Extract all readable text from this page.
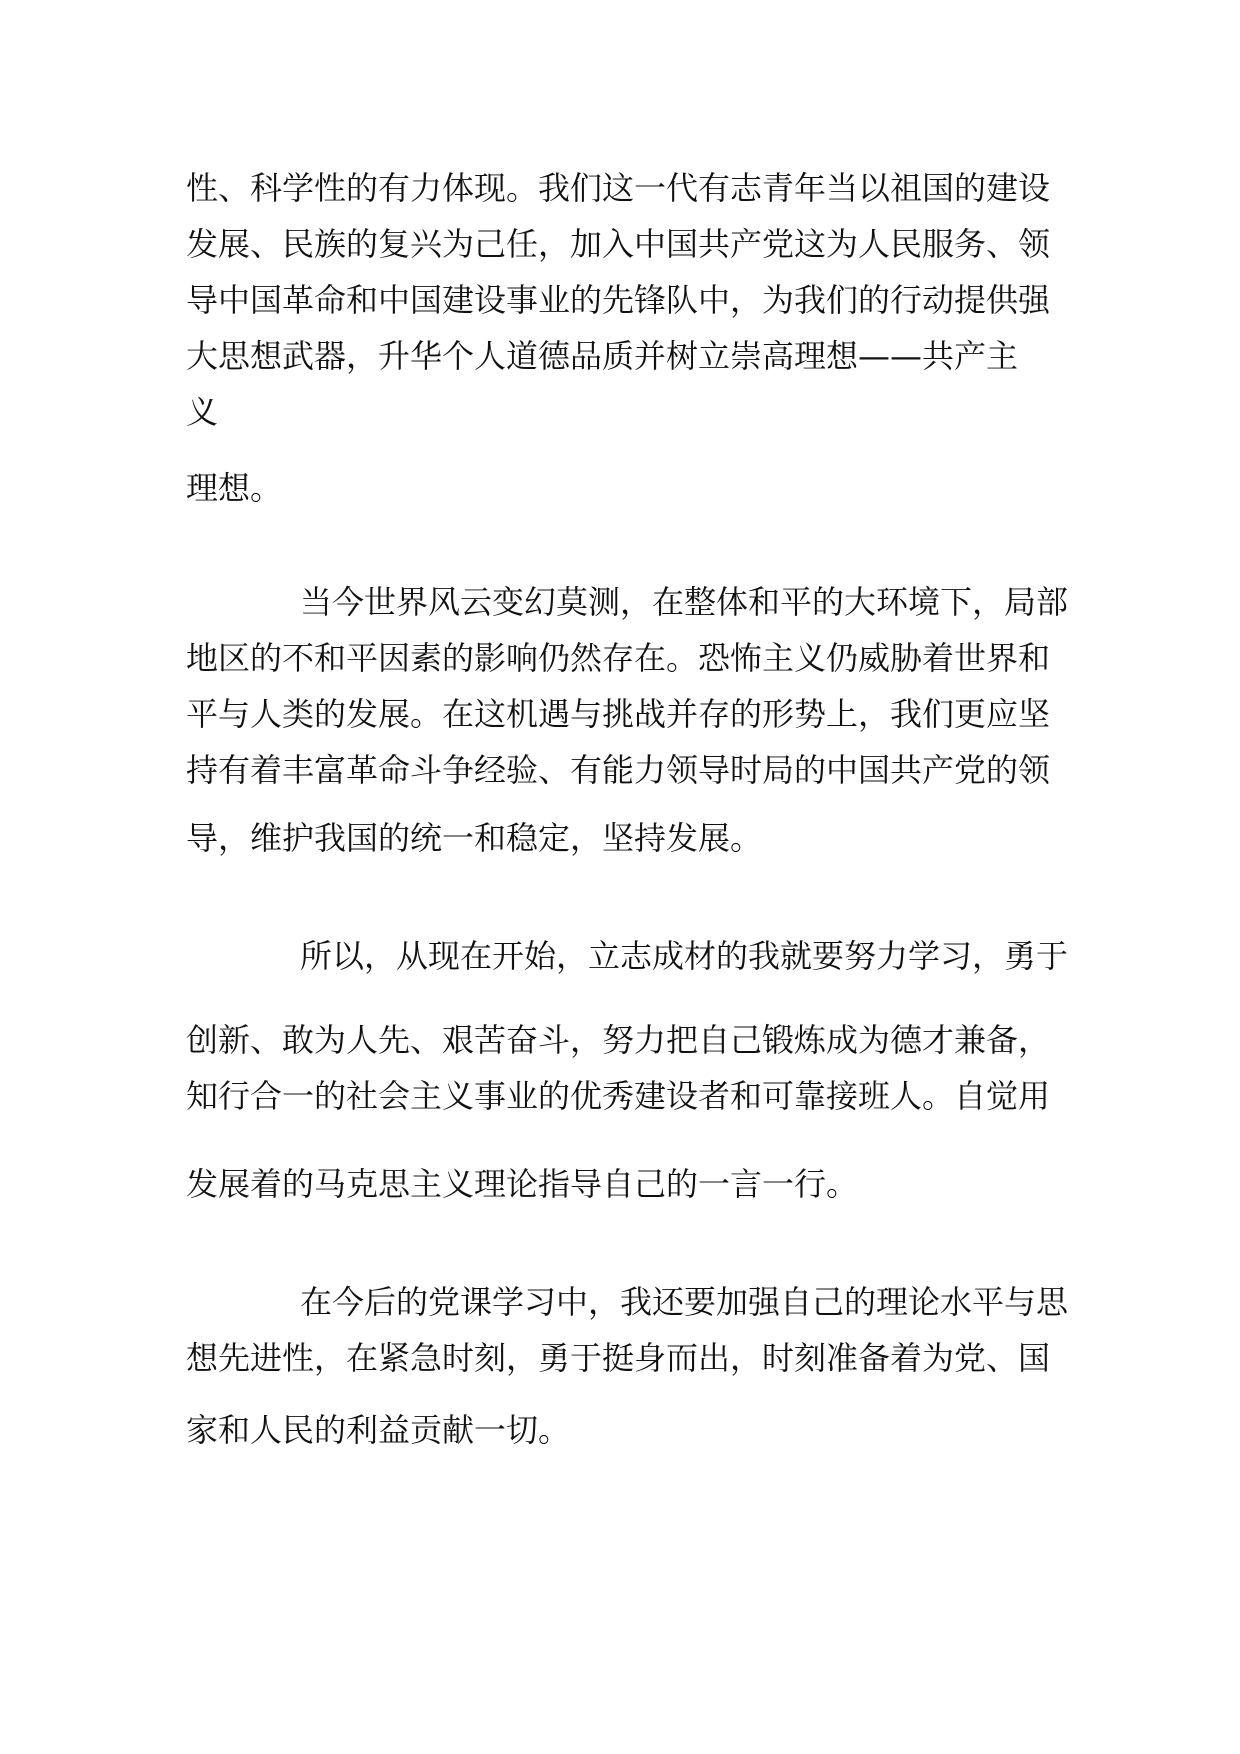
性、科学性的有力体现。我们这一代有志青年当以祖国的建设
发展、民族的复兴为己任，加入中国共产党这为人民服务、领
导中国革命和中国建设事业的先锋队中，为我们的行动提供强
大思想武器，升华个人道德品质并树立崇高理想——共产主
义
理想。
当今世界风云变幻莫测，在整体和平的大环境下，局部
地区的不和平因素的影响仍然存在。恐怖主义仍威胁着世界和
平与人类的发展。在这机遇与挑战并存的形势上，我们更应坚
持有着丰富革命斗争经验、有能力领导时局的中国共产党的领
导，维护我国的统一和稳定，坚持发展。
所以，从现在开始，立志成材的我就要努力学习，勇于
创新、敢为人先、艰苦奋斗，努力把自己锻炼成为德才兼备，
知行合一的社会主义事业的优秀建设者和可靠接班人。自觉用
发展着的马克思主义理论指导自己的一言一行。
在今后的党课学习中，我还要加强自己的理论水平与思
想先进性，在紧急时刻，勇于挺身而出，时刻准备着为党、国
家和人民的利益贡献一切。
